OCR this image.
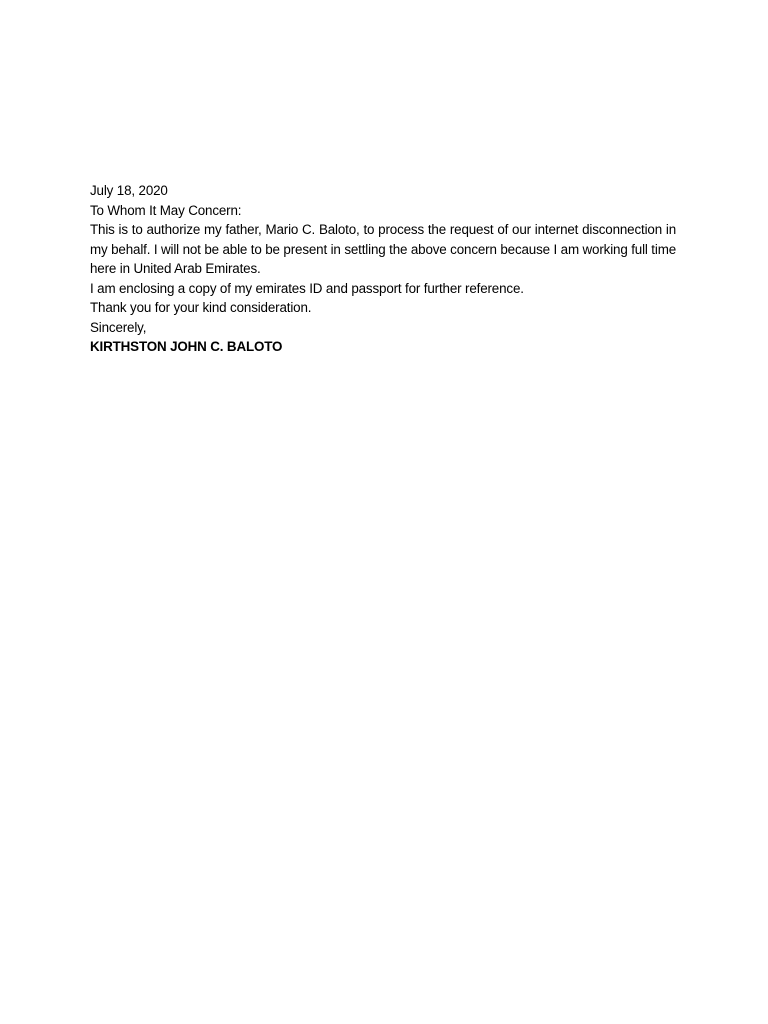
July 18, 2020

To Whom It May Concern:

This is to authorize my father, Mario C. Baloto, to process the request of our internet disconnection in my behalf. I will not be able to be present in settling the above concern because I am working full time here in United Arab Emirates.

I am enclosing a copy of my emirates ID and passport for further reference.

Thank you for your kind consideration.

Sincerely,

KIRTHSTON JOHN C. BALOTO
